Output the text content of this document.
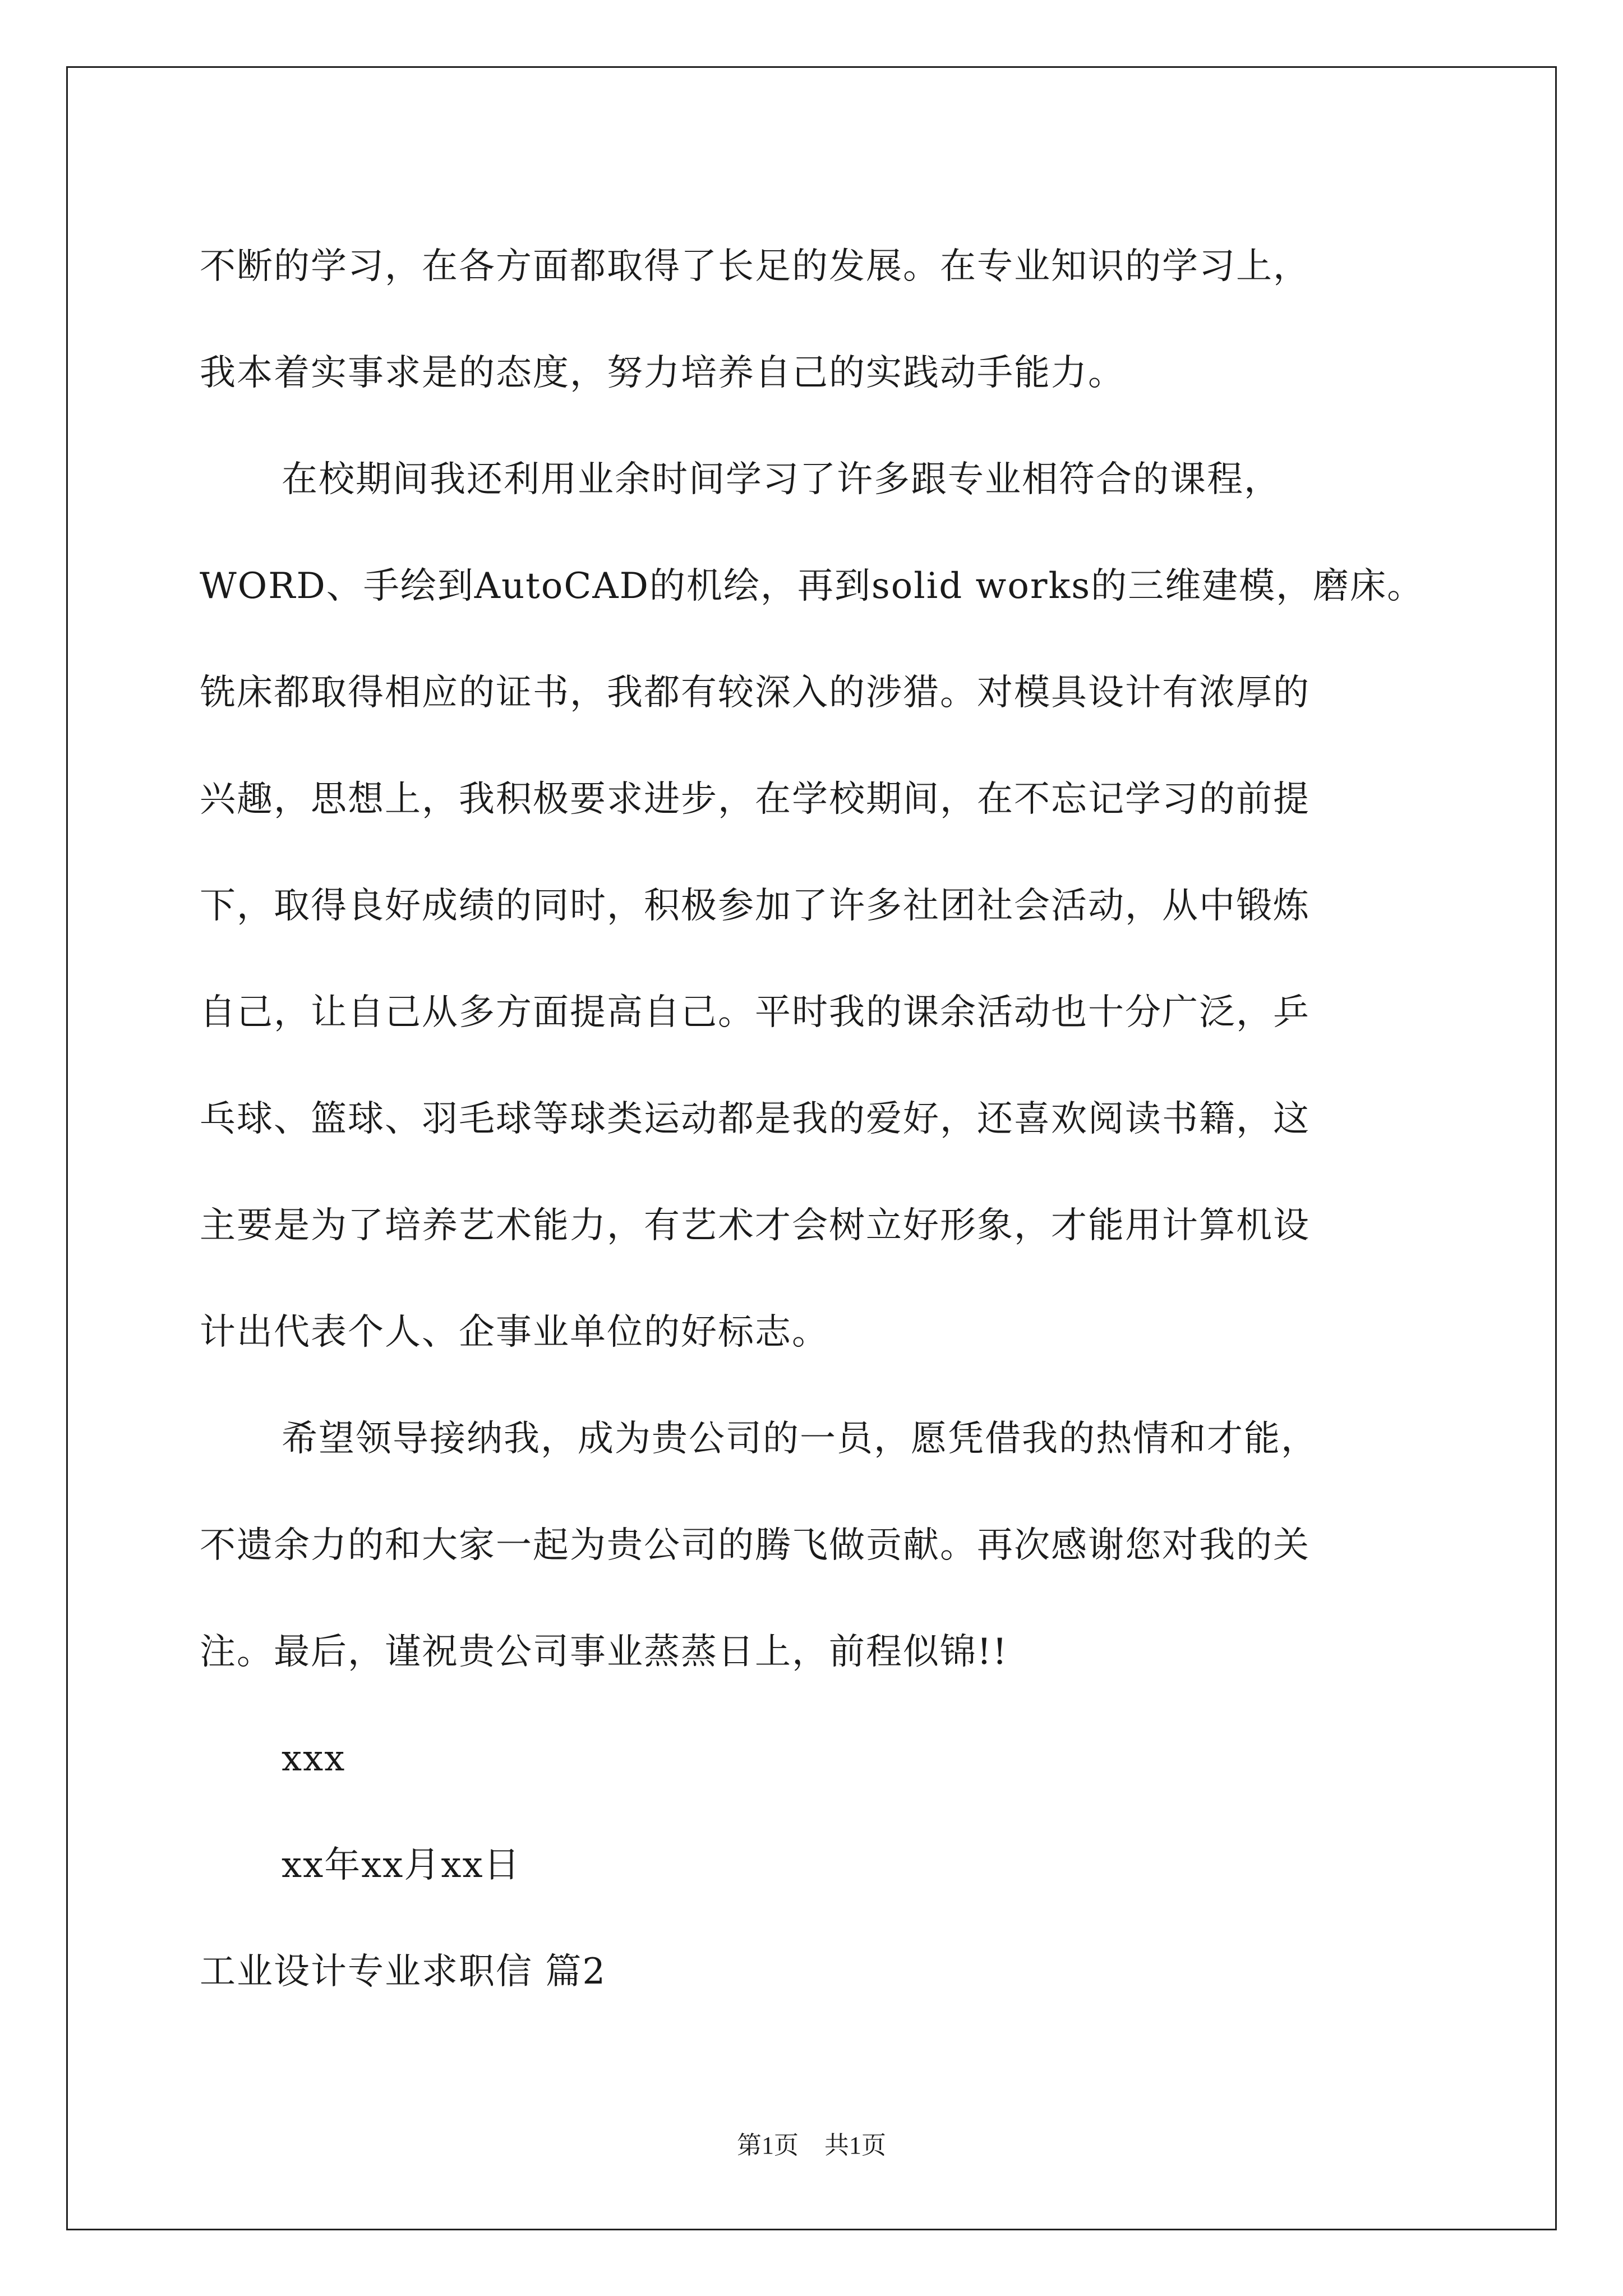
不断的学习，在各方面都取得了长足的发展。在专业知识的学习上，

我本着实事求是的态度，努力培养自己的实践动手能力。

在校期间我还利用业余时间学习了许多跟专业相符合的课程，

WORD、手绘到AutoCAD的机绘，再到solid works的三维建模，磨床。

铣床都取得相应的证书，我都有较深入的涉猎。对模具设计有浓厚的

兴趣，思想上，我积极要求进步，在学校期间，在不忘记学习的前提

下，取得良好成绩的同时，积极参加了许多社团社会活动，从中锻炼

自己，让自己从多方面提高自己。平时我的课余活动也十分广泛，乒

乓球、篮球、羽毛球等球类运动都是我的爱好，还喜欢阅读书籍，这

主要是为了培养艺术能力，有艺术才会树立好形象，才能用计算机设

计出代表个人、企事业单位的好标志。

希望领导接纳我，成为贵公司的一员，愿凭借我的热情和才能，

不遗余力的和大家一起为贵公司的腾飞做贡献。再次感谢您对我的关

注。最后，谨祝贵公司事业蒸蒸日上，前程似锦!!

xxx

xx年xx月xx日

工业设计专业求职信 篇2

第1页 共1页
